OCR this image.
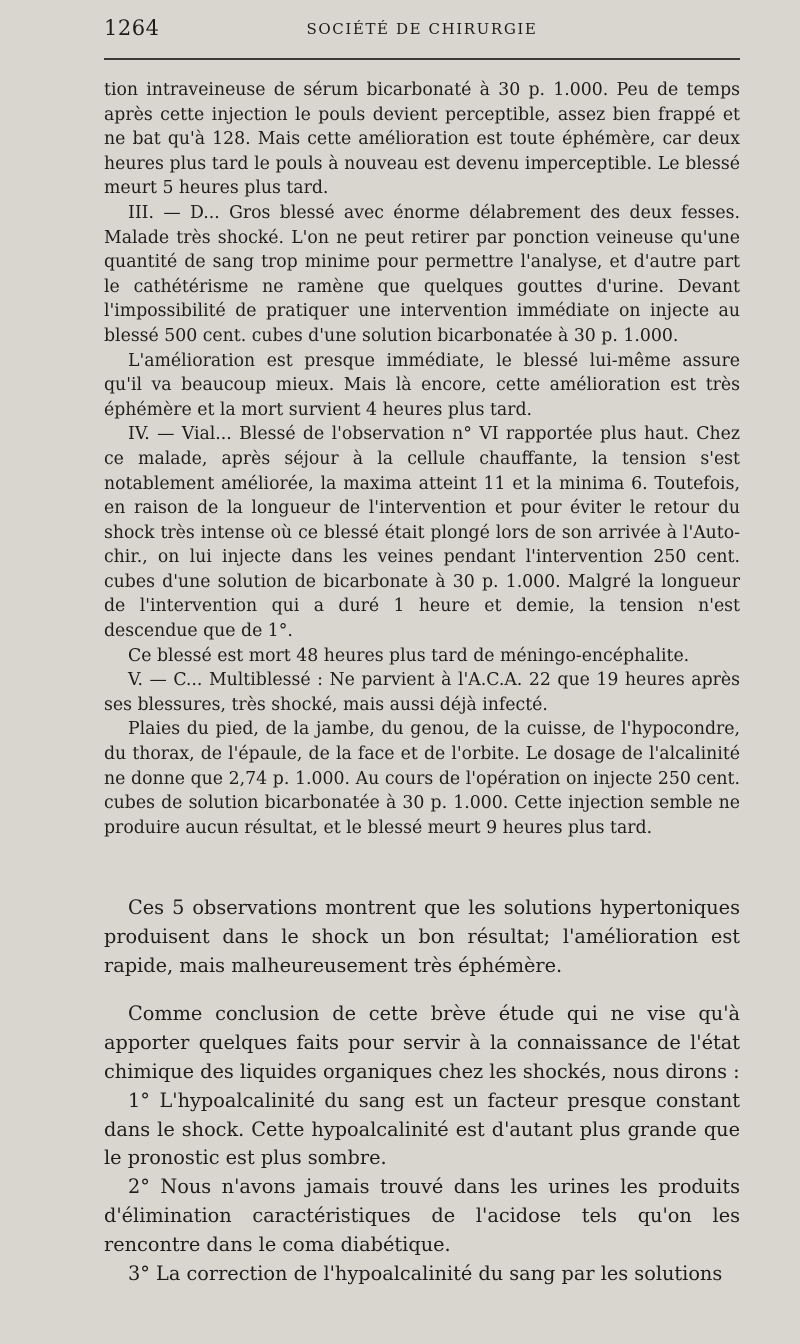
1264	SOCIÉTÉ DE CHIRURGIE

tion intraveineuse de sérum bicarbonaté à 30 p. 1.000. Peu de temps après cette injection le pouls devient perceptible, assez bien frappé et ne bat qu'à 128. Mais cette amélioration est toute éphémère, car deux heures plus tard le pouls à nouveau est devenu imperceptible. Le blessé meurt 5 heures plus tard.

III. — D... Gros blessé avec énorme délabrement des deux fesses. Malade très shocké. L'on ne peut retirer par ponction veineuse qu'une quantité de sang trop minime pour permettre l'analyse, et d'autre part le cathétérisme ne ramène que quelques gouttes d'urine. Devant l'impossibilité de pratiquer une intervention immédiate on injecte au blessé 500 cent. cubes d'une solution bicarbonatée à 30 p. 1.000.

L'amélioration est presque immédiate, le blessé lui-même assure qu'il va beaucoup mieux. Mais là encore, cette amélioration est très éphémère et la mort survient 4 heures plus tard.

IV. — Vial... Blessé de l'observation n° VI rapportée plus haut. Chez ce malade, après séjour à la cellule chauffante, la tension s'est notablement améliorée, la maxima atteint 11 et la minima 6. Toutefois, en raison de la longueur de l'intervention et pour éviter le retour du shock très intense où ce blessé était plongé lors de son arrivée à l'Auto-chir., on lui injecte dans les veines pendant l'intervention 250 cent. cubes d'une solution de bicarbonate à 30 p. 1.000. Malgré la longueur de l'intervention qui a duré 1 heure et demie, la tension n'est descendue que de 1°.

Ce blessé est mort 48 heures plus tard de méningo-encéphalite.

V. — C... Multiblessé : Ne parvient à l'A.C.A. 22 que 19 heures après ses blessures, très shocké, mais aussi déjà infecté.

Plaies du pied, de la jambe, du genou, de la cuisse, de l'hypocondre, du thorax, de l'épaule, de la face et de l'orbite. Le dosage de l'alcalinité ne donne que 2,74 p. 1.000. Au cours de l'opération on injecte 250 cent. cubes de solution bicarbonatée à 30 p. 1.000. Cette injection semble ne produire aucun résultat, et le blessé meurt 9 heures plus tard.

Ces 5 observations montrent que les solutions hypertoniques produisent dans le shock un bon résultat; l'amélioration est rapide, mais malheureusement très éphémère.

Comme conclusion de cette brève étude qui ne vise qu'à apporter quelques faits pour servir à la connaissance de l'état chimique des liquides organiques chez les shockés, nous dirons :

1° L'hypoalcalinité du sang est un facteur presque constant dans le shock. Cette hypoalcalinité est d'autant plus grande que le pronostic est plus sombre.

2° Nous n'avons jamais trouvé dans les urines les produits d'élimination caractéristiques de l'acidose tels qu'on les rencontre dans le coma diabétique.

3° La correction de l'hypoalcalinité du sang par les solutions
